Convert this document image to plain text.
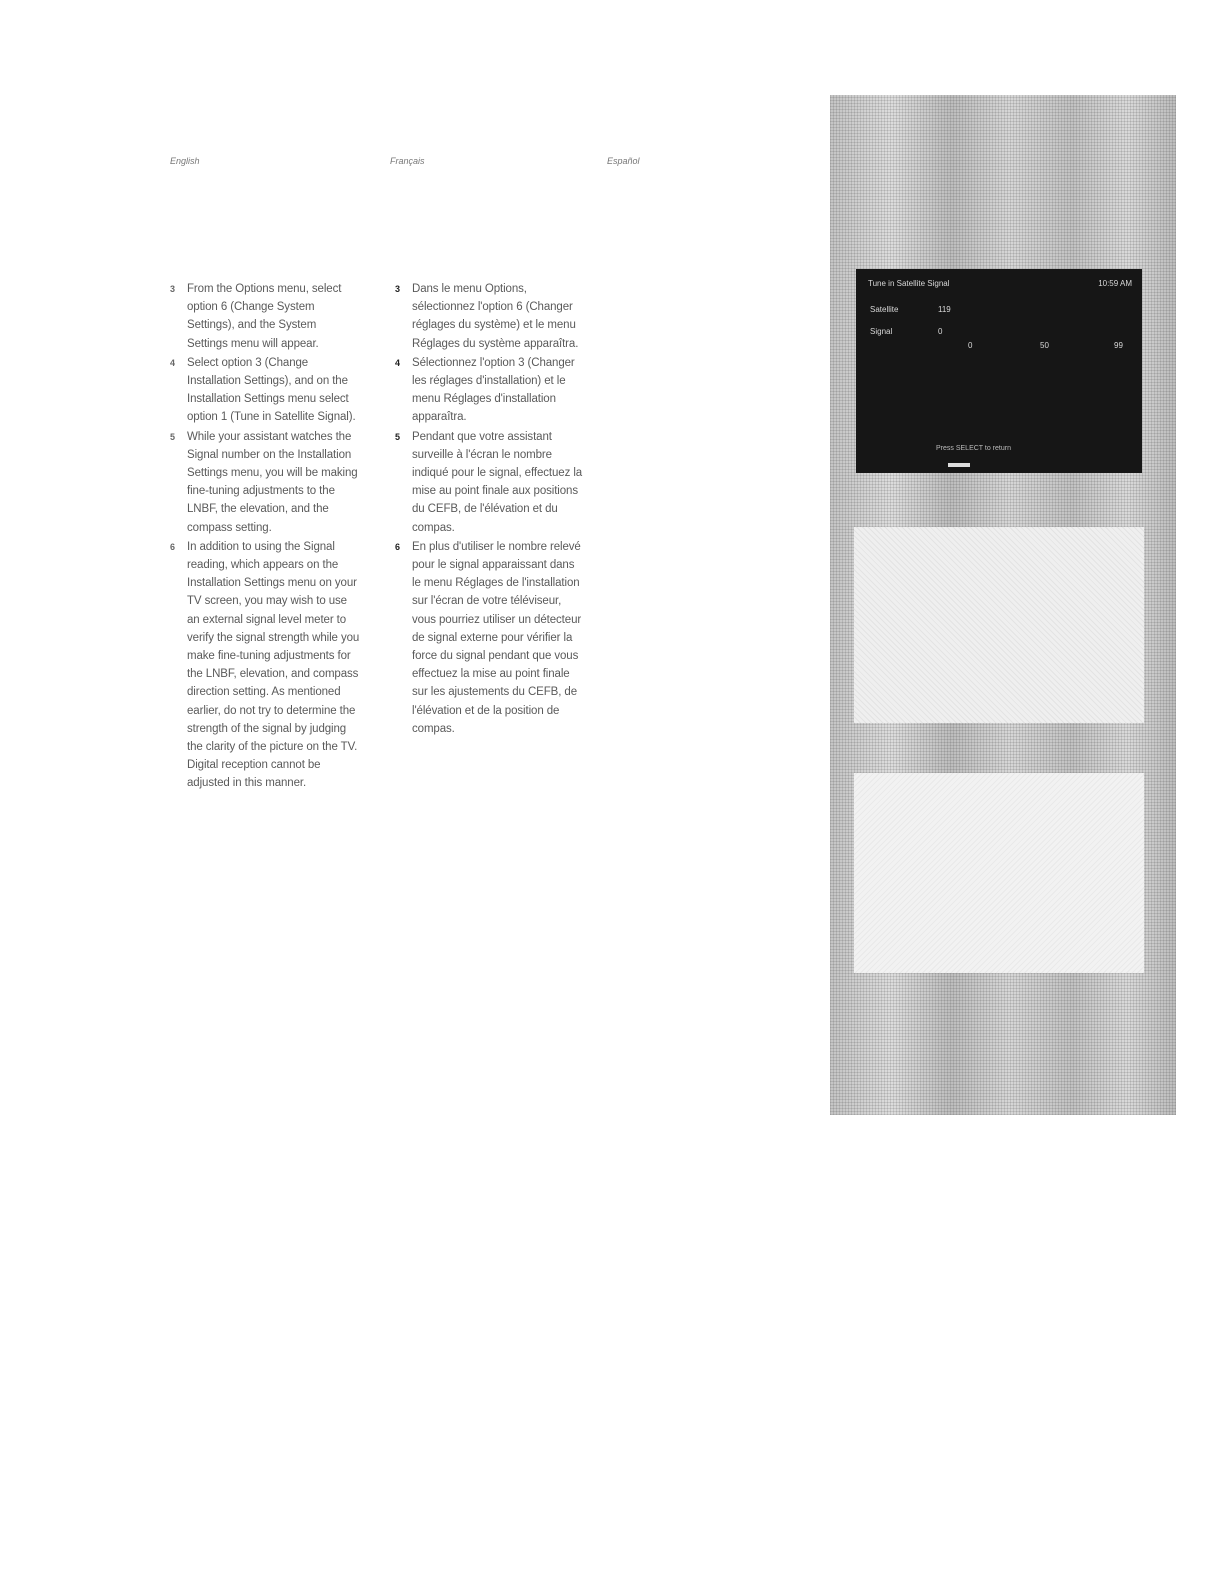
English	Français	Español
3 From the Options menu, select option 6 (Change System Settings), and the System Settings menu will appear.
4 Select option 3 (Change Installation Settings), and on the Installation Settings menu select option 1 (Tune in Satellite Signal).
5 While your assistant watches the Signal number on the Installation Settings menu, you will be making fine-tuning adjustments to the LNBF, the elevation, and the compass setting.
6 In addition to using the Signal reading, which appears on the Installation Settings menu on your TV screen, you may wish to use an external signal level meter to verify the signal strength while you make fine-tuning adjustments for the LNBF, elevation, and compass direction setting. As mentioned earlier, do not try to determine the strength of the signal by judging the clarity of the picture on the TV. Digital reception cannot be adjusted in this manner.
3 Dans le menu Options, sélectionnez l'option 6 (Changer réglages du système) et le menu Réglages du système apparaîtra.
4 Sélectionnez l'option 3 (Changer les réglages d'installation) et le menu Réglages d'installation apparaîtra.
5 Pendant que votre assistant surveille à l'écran le nombre indiqué pour le signal, effectuez la mise au point finale aux positions du CEFB, de l'élévation et du compas.
6 En plus d'utiliser le nombre relevé pour le signal apparaissant dans le menu Réglages de l'installation sur l'écran de votre téléviseur, vous pourriez utiliser un détecteur de signal externe pour vérifier la force du signal pendant que vous effectuez la mise au point finale sur les ajustements du CEFB, de l'élévation et de la position de compas.
Tune in Satellite Signal	10:59 AM
Satellite	119
Signal	0
0	50	99
Press SELECT to return
